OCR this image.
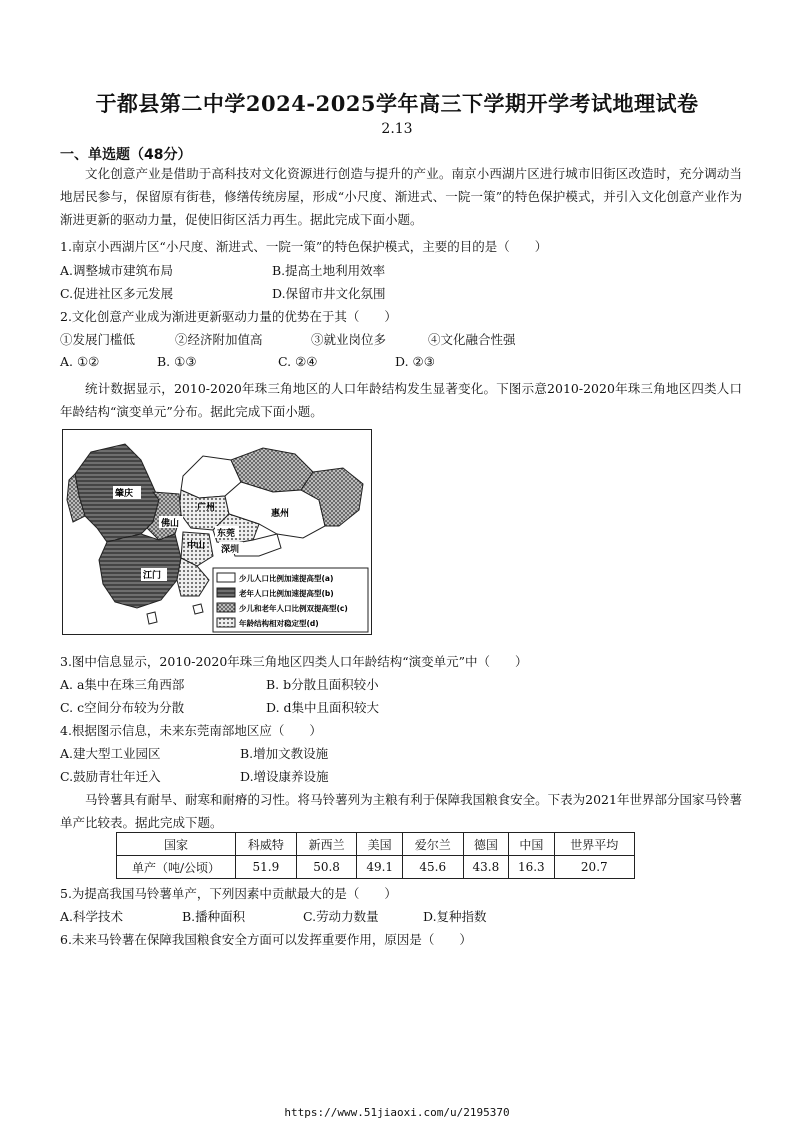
于都县第二中学2024-2025学年高三下学期开学考试地理试卷
2.13
一、单选题（48分）
文化创意产业是借助于高科技对文化资源进行创造与提升的产业。南京小西湖片区进行城市旧街区改造时，充分调动当地居民参与，保留原有街巷，修缮传统房屋，形成“小尺度、渐进式、一院一策”的特色保护模式，并引入文化创意产业作为渐进更新的驱动力量，促使旧街区活力再生。据此完成下面小题。
1.南京小西湖片区“小尺度、渐进式、一院一策”的特色保护模式，主要的目的是（　　）
A.调整城市建筑布局	B.提高土地利用效率
C.促进社区多元发展	D.保留市井文化氛围
2.文化创意产业成为渐进更新驱动力量的优势在于其（　　）
①发展门槛低	②经济附加值高	③就业岗位多	④文化融合性强
A. ①②	B. ①③	C. ②④	D. ②③
统计数据显示，2010-2020年珠三角地区的人口年龄结构发生显著变化。下图示意2010-2020年珠三角地区四类人口年龄结构“演变单元”分布。据此完成下面小题。
肇庆
广州
佛山
东莞
惠州
深圳
中山
江门	少儿人口比例加速提高型(a)
老年人口比例加速提高型(b)
少儿和老年人口比例双提高型(c)
年龄结构相对稳定型(d)
3.图中信息显示，2010-2020年珠三角地区四类人口年龄结构“演变单元”中（　　）
A. a集中在珠三角西部	B. b分散且面积较小
C. c空间分布较为分散	D. d集中且面积较大
4.根据图示信息，未来东莞南部地区应（　　）
A.建大型工业园区	B.增加文教设施
C.鼓励青壮年迁入	D.增设康养设施
马铃薯具有耐旱、耐寒和耐瘠的习性。将马铃薯列为主粮有利于保障我国粮食安全。下表为2021年世界部分国家马铃薯单产比较表。据此完成下题。
国家	科威特	新西兰	美国	爱尔兰	德国	中国	世界平均
单产（吨/公顷）	51.9	50.8	49.1	45.6	43.8	16.3	20.7
5.为提高我国马铃薯单产，下列因素中贡献最大的是（　　）
A.科学技术	B.播种面积	C.劳动力数量	D.复种指数
6.未来马铃薯在保障我国粮食安全方面可以发挥重要作用，原因是（　　）
https://www.51jiaoxi.com/u/2195370
